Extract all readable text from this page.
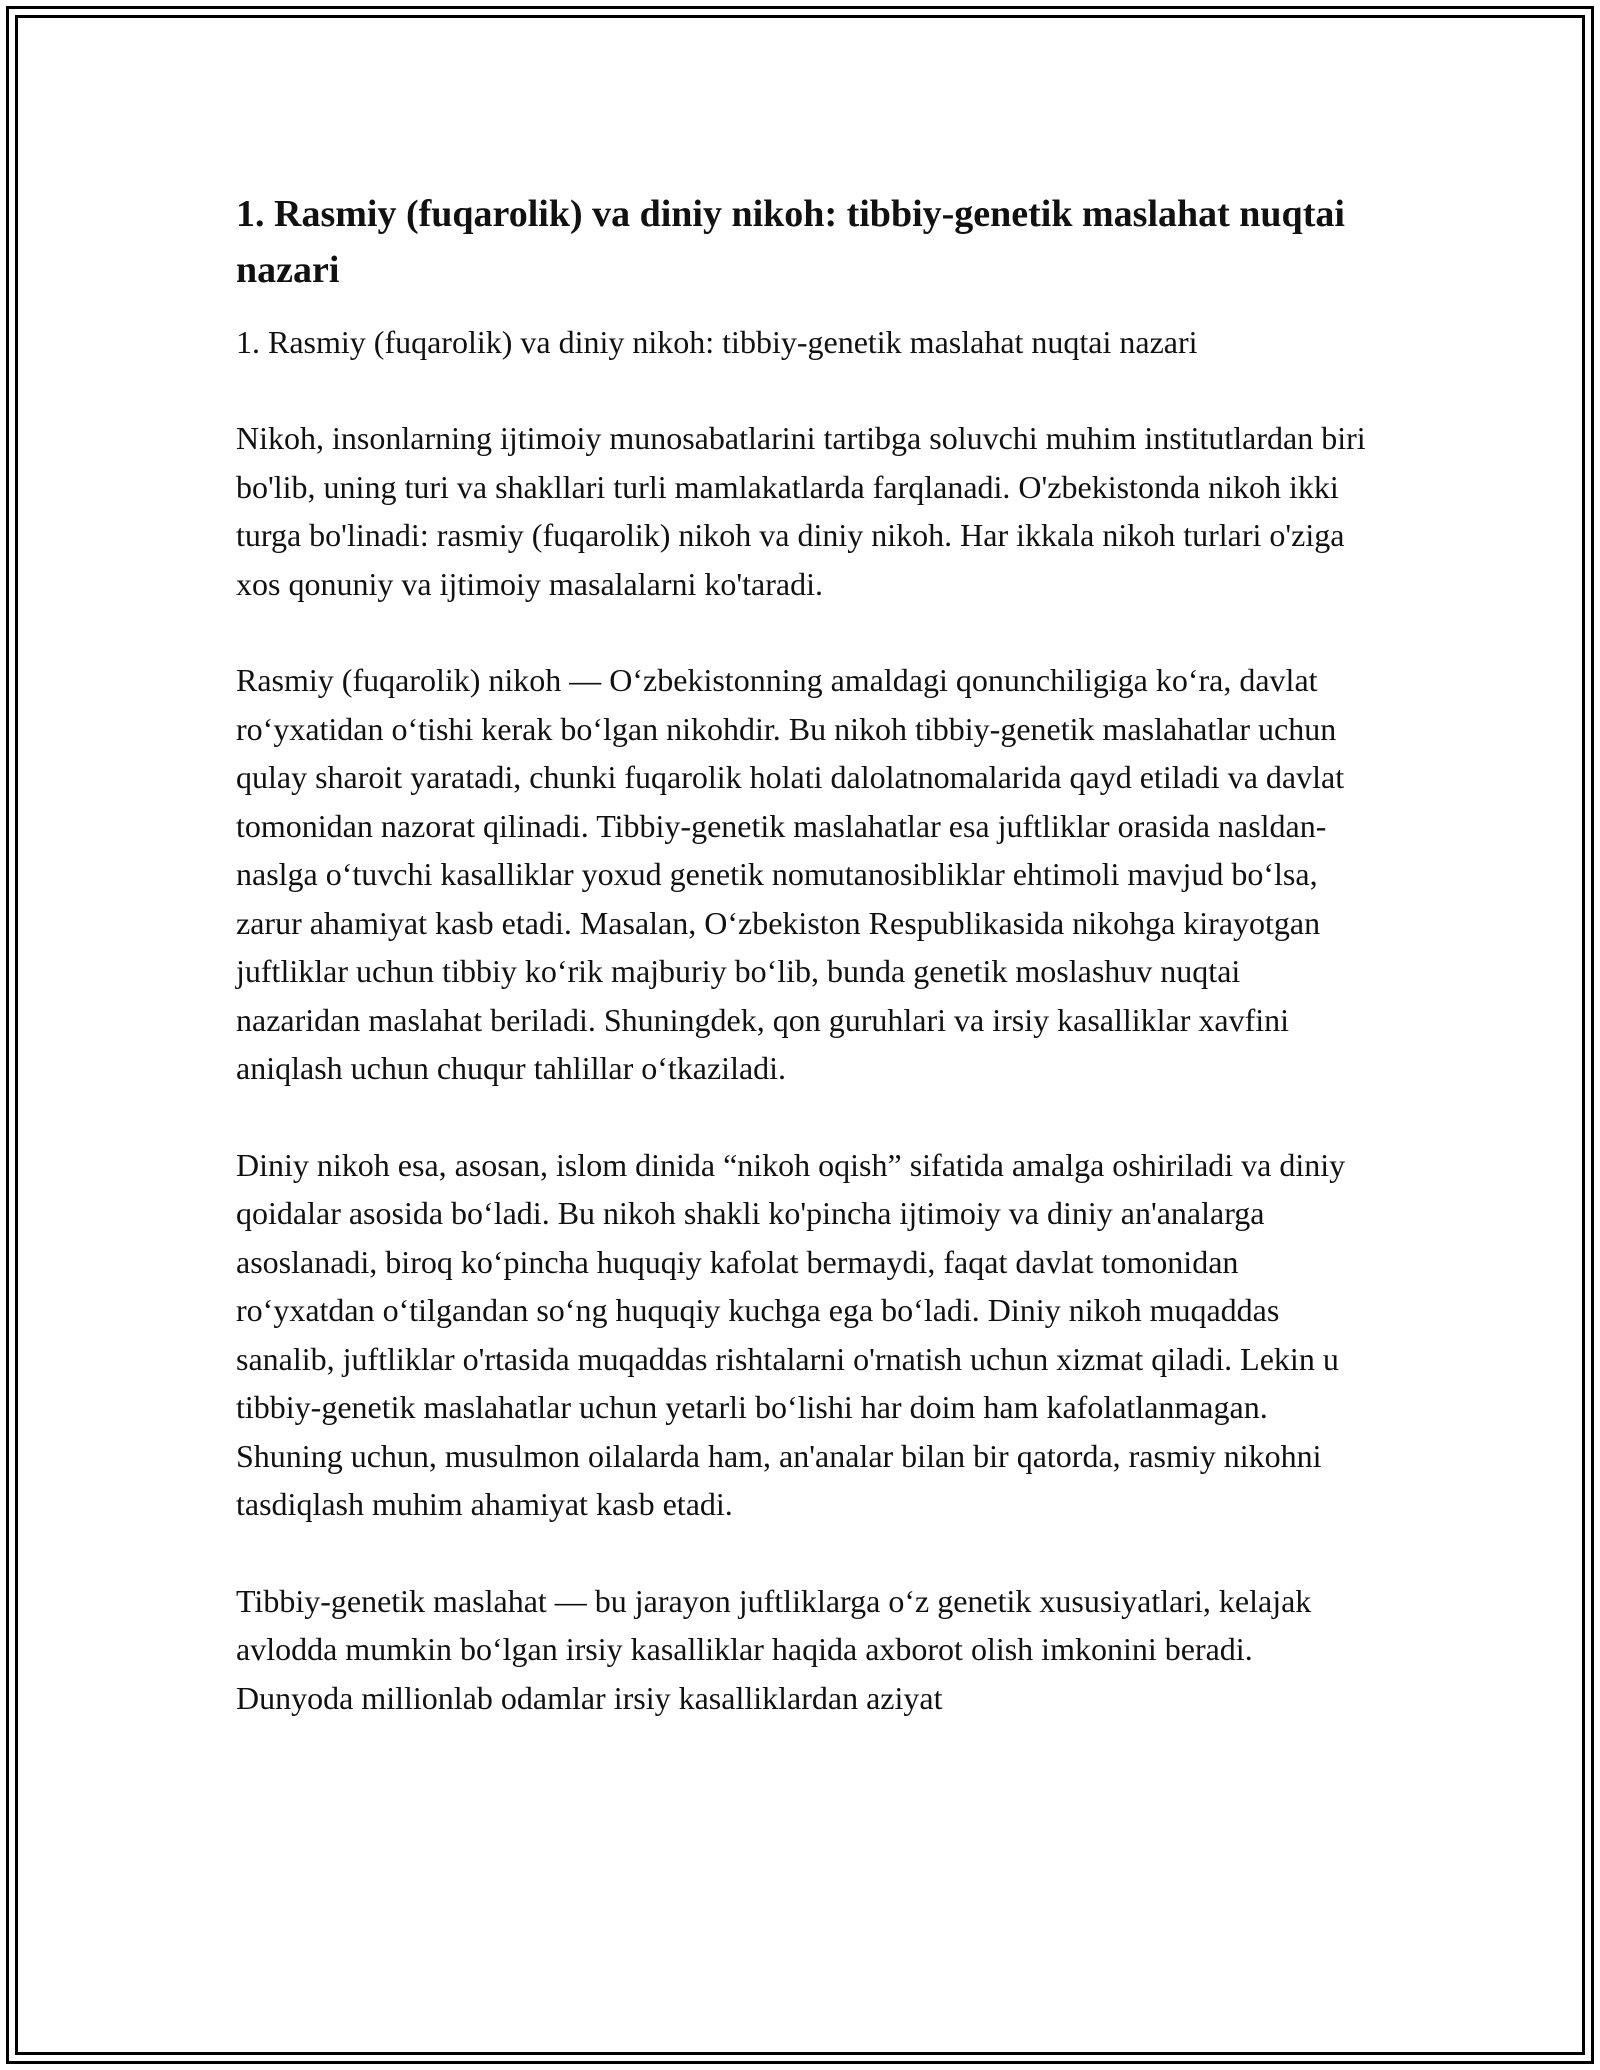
1. Rasmiy (fuqarolik) va diniy nikoh: tibbiy-genetik maslahat nuqtai nazari

1. Rasmiy (fuqarolik) va diniy nikoh: tibbiy-genetik maslahat nuqtai nazari

Nikoh, insonlarning ijtimoiy munosabatlarini tartibga soluvchi muhim institutlardan biri bo'lib, uning turi va shakllari turli mamlakatlarda farqlanadi. O'zbekistonda nikoh ikki turga bo'linadi: rasmiy (fuqarolik) nikoh va diniy nikoh. Har ikkala nikoh turlari o'ziga xos qonuniy va ijtimoiy masalalarni ko'taradi.

Rasmiy (fuqarolik) nikoh — O‘zbekistonning amaldagi qonunchiligiga ko‘ra, davlat ro‘yxatidan o‘tishi kerak bo‘lgan nikohdir. Bu nikoh tibbiy-genetik maslahatlar uchun qulay sharoit yaratadi, chunki fuqarolik holati dalolatnomalarida qayd etiladi va davlat tomonidan nazorat qilinadi. Tibbiy-genetik maslahatlar esa juftliklar orasida nasldan-naslga o‘tuvchi kasalliklar yoxud genetik nomutanosibliklar ehtimoli mavjud bo‘lsa, zarur ahamiyat kasb etadi. Masalan, O‘zbekiston Respublikasida nikohga kirayotgan juftliklar uchun tibbiy ko‘rik majburiy bo‘lib, bunda genetik moslashuv nuqtai nazaridan maslahat beriladi. Shuningdek, qon guruhlari va irsiy kasalliklar xavfini aniqlash uchun chuqur tahlillar o‘tkaziladi.

Diniy nikoh esa, asosan, islom dinida “nikoh oqish” sifatida amalga oshiriladi va diniy qoidalar asosida bo‘ladi. Bu nikoh shakli ko'pincha ijtimoiy va diniy an'analarga asoslanadi, biroq ko‘pincha huquqiy kafolat bermaydi, faqat davlat tomonidan ro‘yxatdan o‘tilgandan so‘ng huquqiy kuchga ega bo‘ladi. Diniy nikoh muqaddas sanalib, juftliklar o'rtasida muqaddas rishtalarni o'rnatish uchun xizmat qiladi. Lekin u tibbiy-genetik maslahatlar uchun yetarli bo‘lishi har doim ham kafolatlanmagan. Shuning uchun, musulmon oilalarda ham, an'analar bilan bir qatorda, rasmiy nikohni tasdiqlash muhim ahamiyat kasb etadi.

Tibbiy-genetik maslahat — bu jarayon juftliklarga o‘z genetik xususiyatlari, kelajak avlodda mumkin bo‘lgan irsiy kasalliklar haqida axborot olish imkonini beradi. Dunyoda millionlab odamlar irsiy kasalliklardan aziyat
